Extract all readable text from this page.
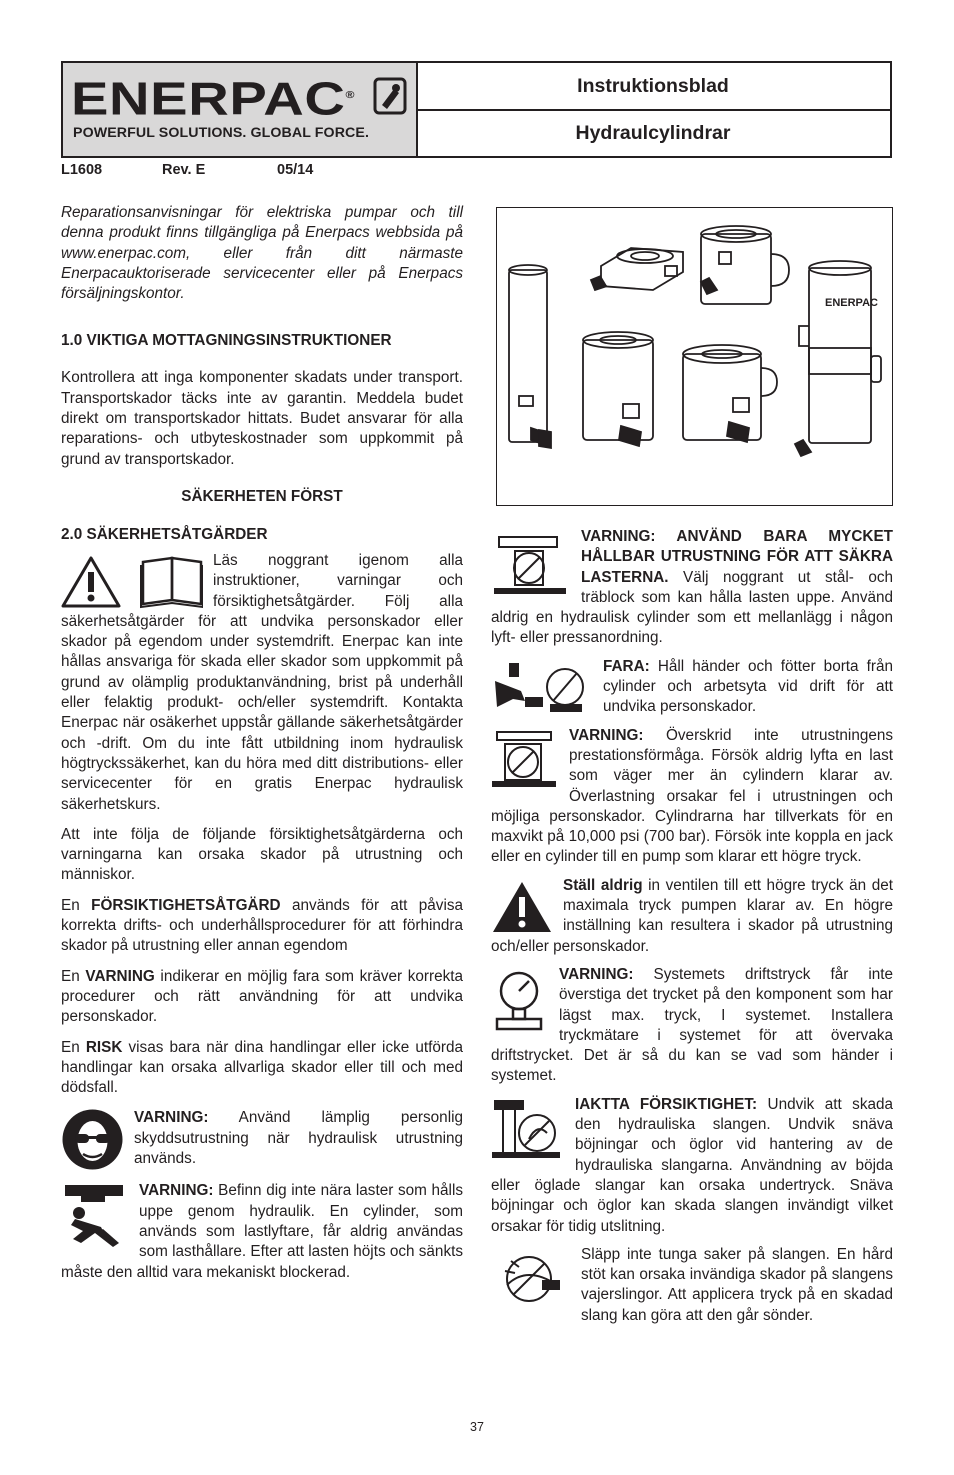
ENERPAC®
POWERFUL SOLUTIONS. GLOBAL FORCE.
Instruktionsblad
Hydraulcylindrar
L1608	Rev. E	05/14

Reparationsanvisningar för elektriska pumpar och till denna produkt finns tillgängliga på Enerpacs webbsida på www.enerpac.com, eller från ditt närmaste Enerpacauktoriserade servicecenter eller på Enerpacs försäljningskontor.

1.0 VIKTIGA MOTTAGNINGSINSTRUKTIONER

Kontrollera att inga komponenter skadats under transport. Transportskador täcks inte av garantin. Meddela budet direkt om transportskador hittats. Budet ansvarar för alla reparations- och utbyteskostnader som uppkommit på grund av transportskador.

SÄKERHETEN FÖRST

2.0 SÄKERHETSÅTGÄRDER

Läs noggrant igenom alla instruktioner, varningar och försiktighetsåtgärder. Följ alla säkerhetsåtgärder för att undvika personskador eller skador på egendom under systemdrift. Enerpac kan inte hållas ansvariga för skada eller skador som uppkommit på grund av olämplig produktanvändning, brist på underhåll eller felaktig produkt- och/eller systemdrift. Kontakta Enerpac när osäkerhet uppstår gällande säkerhetsåtgärder och -drift. Om du inte fått utbildning inom hydraulisk högtryckssäkerhet, kan du höra med ditt distributions- eller servicecenter för en gratis Enerpac hydraulisk säkerhetskurs.

Att inte följa de följande försiktighetsåtgärderna och varningarna kan orsaka skador på utrustning och människor.

En FÖRSIKTIGHETSÅTGÄRD används för att påvisa korrekta drifts- och underhållsprocedurer för att förhindra skador på utrustning eller annan egendom

En VARNING indikerar en möjlig fara som kräver korrekta procedurer och rätt användning för att undvika personskador.

En RISK visas bara när dina handlingar eller icke utförda handlingar kan orsaka allvarliga skador eller till och med dödsfall.

VARNING: Använd lämplig personlig skyddsutrustning när hydraulisk utrustning används.

VARNING: Befinn dig inte nära laster som hålls uppe genom hydraulik. En cylinder, som används som lastlyftare, får aldrig användas som lasthållare. Efter att lasten höjts och sänkts måste den alltid vara mekaniskt blockerad.

ENERPAC

VARNING: ANVÄND BARA MYCKET HÅLLBAR UTRUSTNING FÖR ATT SÄKRA LASTERNA. Välj noggrant ut stål- och träblock som kan hålla lasten uppe. Använd aldrig en hydraulisk cylinder som ett mellanlägg i någon lyft- eller pressanordning.

FARA: Håll händer och fötter borta från cylinder och arbetsyta vid drift för att undvika personskador.

VARNING: Överskrid inte utrustningens prestationsförmåga. Försök aldrig lyfta en last som väger mer än cylindern klarar av. Överlastning orsakar fel i utrustningen och möjliga personskador. Cylindrarna har tillverkats för en maxvikt på 10,000 psi (700 bar). Försök inte koppla en jack eller en cylinder till en pump som klarar ett högre tryck.

Ställ aldrig in ventilen till ett högre tryck än det maximala tryck pumpen klarar av. En högre inställning kan resultera i skador på utrustning och/eller personskador.

VARNING: Systemets driftstryck får inte överstiga det trycket på den komponent som har lägst max. tryck, I systemet. Installera tryckmätare i systemet för att övervaka driftstrycket. Det är så du kan se vad som händer i systemet.

IAKTTA FÖRSIKTIGHET: Undvik att skada den hydrauliska slangen. Undvik snäva böjningar och öglor vid hantering av de hydrauliska slangarna. Användning av böjda eller öglade slangar kan orsaka undertryck. Snäva böjningar och öglor kan skada slangen invändigt vilket orsakar för tidig utslitning.

Släpp inte tunga saker på slangen. En hård stöt kan orsaka invändiga skador på slangens vajerslingor. Att applicera tryck på en skadad slang kan göra att den går sönder.

37
